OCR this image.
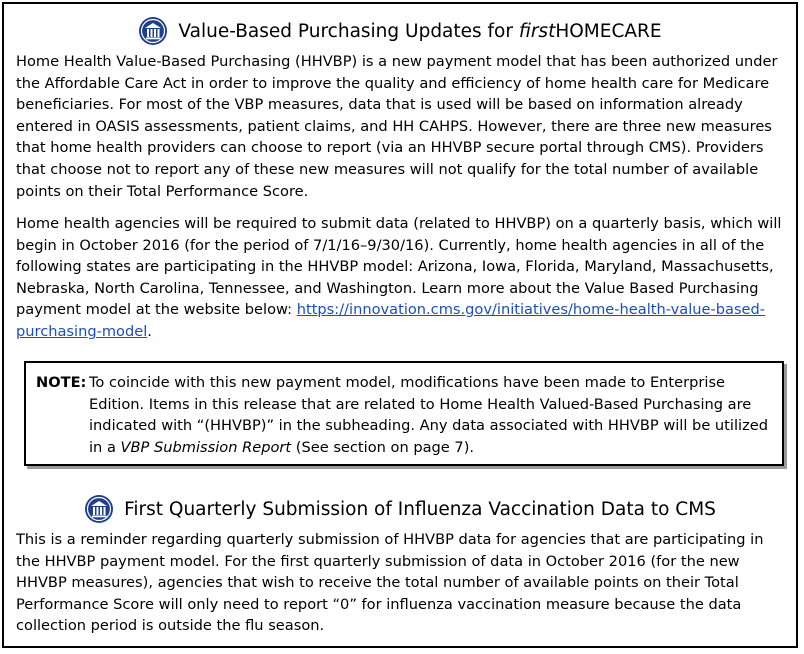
Value-Based Purchasing Updates for firstHOMECARE

Home Health Value-Based Purchasing (HHVBP) is a new payment model that has been authorized under the Affordable Care Act in order to improve the quality and efficiency of home health care for Medicare beneficiaries. For most of the VBP measures, data that is used will be based on information already entered in OASIS assessments, patient claims, and HH CAHPS. However, there are three new measures that home health providers can choose to report (via an HHVBP secure portal through CMS). Providers that choose not to report any of these new measures will not qualify for the total number of available points on their Total Performance Score.

Home health agencies will be required to submit data (related to HHVBP) on a quarterly basis, which will begin in October 2016 (for the period of 7/1/16–9/30/16). Currently, home health agencies in all of the following states are participating in the HHVBP model: Arizona, Iowa, Florida, Maryland, Massachusetts, Nebraska, North Carolina, Tennessee, and Washington. Learn more about the Value Based Purchasing payment model at the website below: https://innovation.cms.gov/initiatives/home-health-value-based-purchasing-model.

NOTE: To coincide with this new payment model, modifications have been made to Enterprise Edition. Items in this release that are related to Home Health Valued-Based Purchasing are indicated with “(HHVBP)” in the subheading. Any data associated with HHVBP will be utilized in a VBP Submission Report (See section on page 7).
First Quarterly Submission of Influenza Vaccination Data to CMS

This is a reminder regarding quarterly submission of HHVBP data for agencies that are participating in the HHVBP payment model. For the first quarterly submission of data in October 2016 (for the new HHVBP measures), agencies that wish to receive the total number of available points on their Total Performance Score will only need to report “0” for influenza vaccination measure because the data collection period is outside the flu season.
